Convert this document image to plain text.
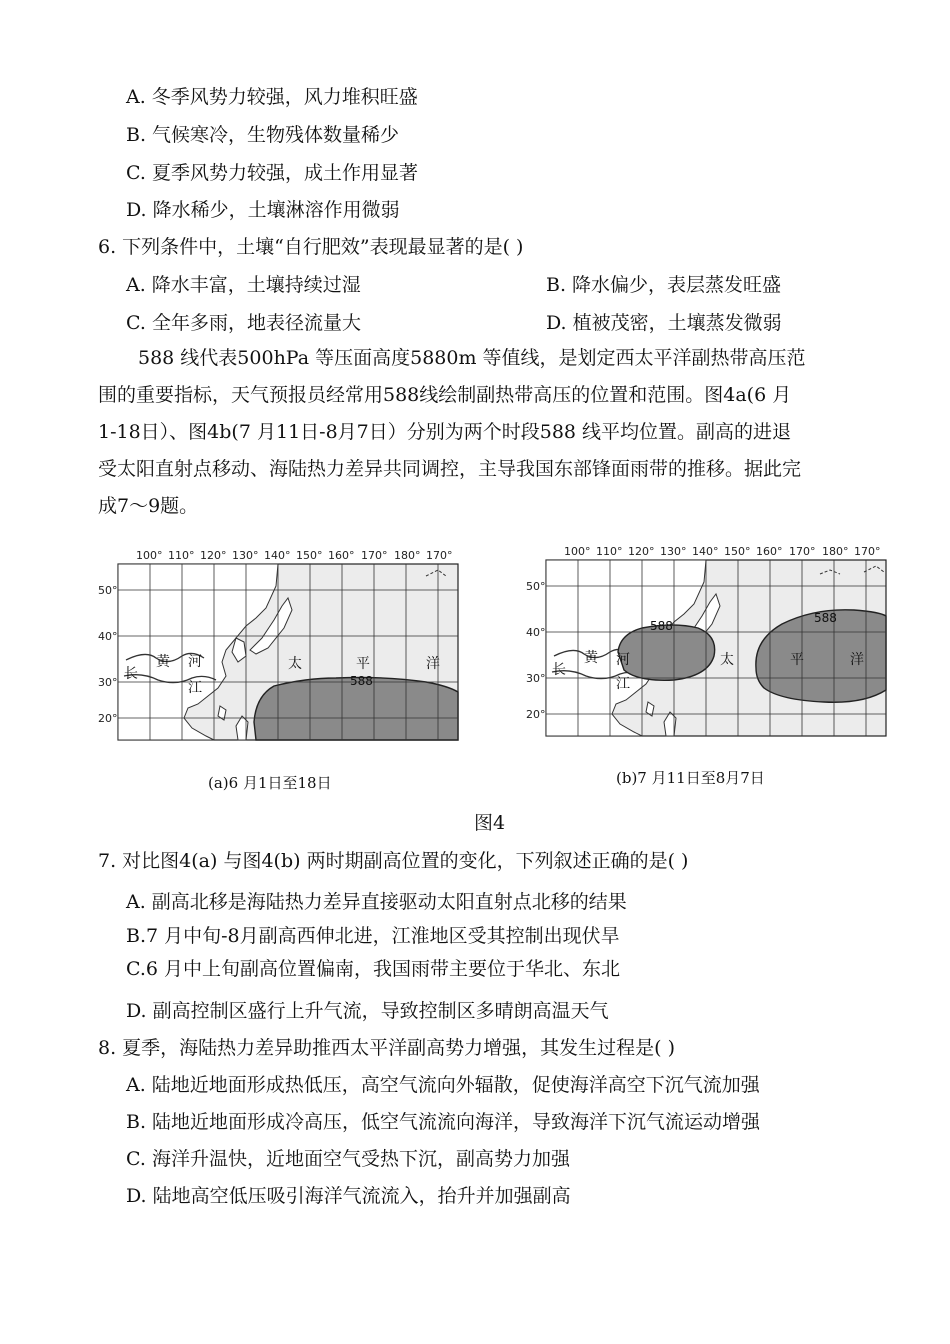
A. 冬季风势力较强，风力堆积旺盛
B. 气候寒冷，生物残体数量稀少
C. 夏季风势力较强，成土作用显著
D. 降水稀少，土壤淋溶作用微弱
6. 下列条件中，土壤“自行肥效”表现最显著的是( )
A. 降水丰富，土壤持续过湿	B. 降水偏少，表层蒸发旺盛
C. 全年多雨，地表径流量大	D. 植被茂密，土壤蒸发微弱
588 线代表500hPa 等压面高度5880m 等值线，是划定西太平洋副热带高压范
围的重要指标，天气预报员经常用588线绘制副热带高压的位置和范围。图4a(6 月
1-18日）、图4b(7 月11日-8月7日）分别为两个时段588 线平均位置。副高的进退
受太阳直射点移动、海陆热力差异共同调控，主导我国东部锋面雨带的推移。据此完
成7～9题。
100° 110° 120° 130° 140° 150° 160° 170° 180° 170°
50°
40°
30°
20°
长
黄 河
江
太	平	洋
588
(a)6 月1日至18日
100° 110° 120° 130° 140° 150° 160° 170° 180° 170°
50°
40°
30°
20°
长
黄 河
江
太	平	洋
588
588
(b)7 月11日至8月7日
图4
7. 对比图4(a) 与图4(b) 两时期副高位置的变化，下列叙述正确的是( )
A. 副高北移是海陆热力差异直接驱动太阳直射点北移的结果
B.7 月中旬-8月副高西伸北进，江淮地区受其控制出现伏旱
C.6 月中上旬副高位置偏南，我国雨带主要位于华北、东北
D. 副高控制区盛行上升气流，导致控制区多晴朗高温天气
8. 夏季，海陆热力差异助推西太平洋副高势力增强，其发生过程是( )
A. 陆地近地面形成热低压，高空气流向外辐散，促使海洋高空下沉气流加强
B. 陆地近地面形成冷高压，低空气流流向海洋，导致海洋下沉气流运动增强
C. 海洋升温快，近地面空气受热下沉，副高势力加强
D. 陆地高空低压吸引海洋气流流入，抬升并加强副高
